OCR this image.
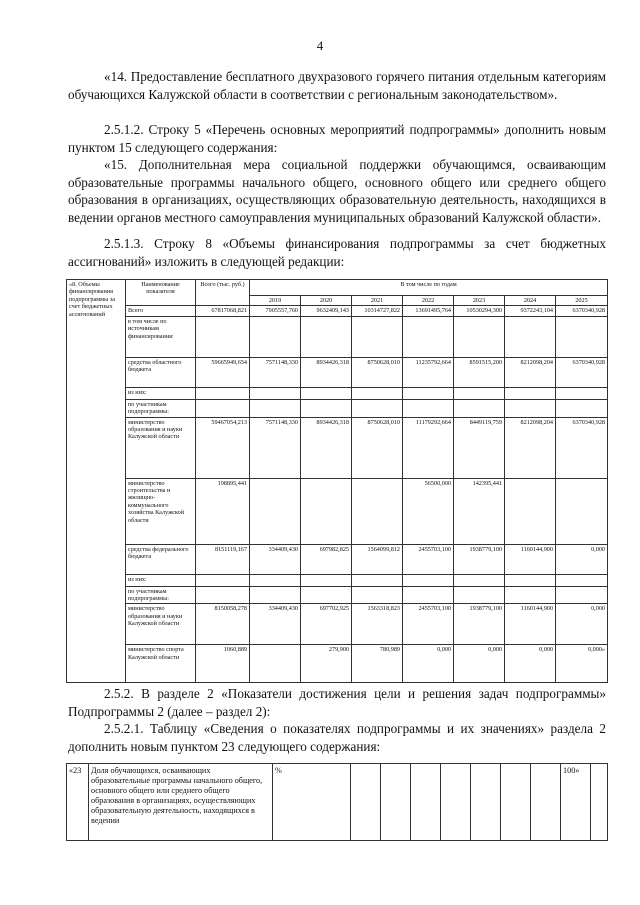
4
«14. Предоставление бесплатного двухразового горячего питания отдельным категориям обучающихся Калужской области в соответствии с региональным законодательством».
2.5.1.2. Строку 5 «Перечень основных мероприятий подпрограммы» дополнить новым пунктом 15 следующего содержания:
«15. Дополнительная мера социальной поддержки обучающимся, осваивающим образовательные программы начального общего, основного общего или среднего общего образования в организациях, осуществляющих образовательную деятельность, находящихся в ведении органов местного самоуправления муниципальных образований Калужской области».
2.5.1.3. Строку 8 «Объемы финансирования подпрограммы за счет бюджетных ассигнований» изложить в следующей редакции:
«8. Объемы финансирования подпрограммы за счет бюджетных ассигнований	Наименование показателя	Всего (тыс. руб.)	В том числе по годам						
			2019	2020	2021	2022	2023	2024	2025
	Всего	67817068,821	7905557,760	9632409,143	10314727,822	13691495,764	10530294,300	9372243,104	6370340,928
	в том числе по источникам финансирования:								
	средства областного бюджета	59665949,654	7571148,330	8934426,318	8750628,010	11235792,664	8591515,200	8212098,204	6370340,928
	из них:								
	по участникам подпрограммы:								
	министерство образования и науки Калужской области	59467054,213	7571148,330	8934426,318	8750628,010	11179292,664	8449119,759	8212098,204	6370340,928
	министерство строительства и жилищно-коммунального хозяйства Калужской области	198895,441				56500,000	142395,441		
	средства федерального бюджета	8151119,167	334409,430	697982,825	1564099,812	2455703,100	1938779,100	1160144,900	0,000
	из них:								
	по участникам подпрограммы:								
	министерство образования и науки Калужской области	8150058,278	334409,430	697702,925	1563318,823	2455703,100	1938779,100	1160144,900	0,000
	министерство спорта Калужской области	1060,889		279,900	780,989	0,000	0,000	0,000	0,000»
2.5.2. В разделе 2 «Показатели достижения цели и решения задач подпрограммы» Подпрограммы 2 (далее – раздел 2):
2.5.2.1. Таблицу «Сведения о показателях подпрограммы и их значениях» раздела 2 дополнить новым пунктом 23 следующего содержания:
«23	Доля обучающихся, осваивающих образовательные программы начального общего, основного общего или среднего общего образования в организациях, осуществляющих образовательную деятельность, находящихся в ведении	%								100»	
